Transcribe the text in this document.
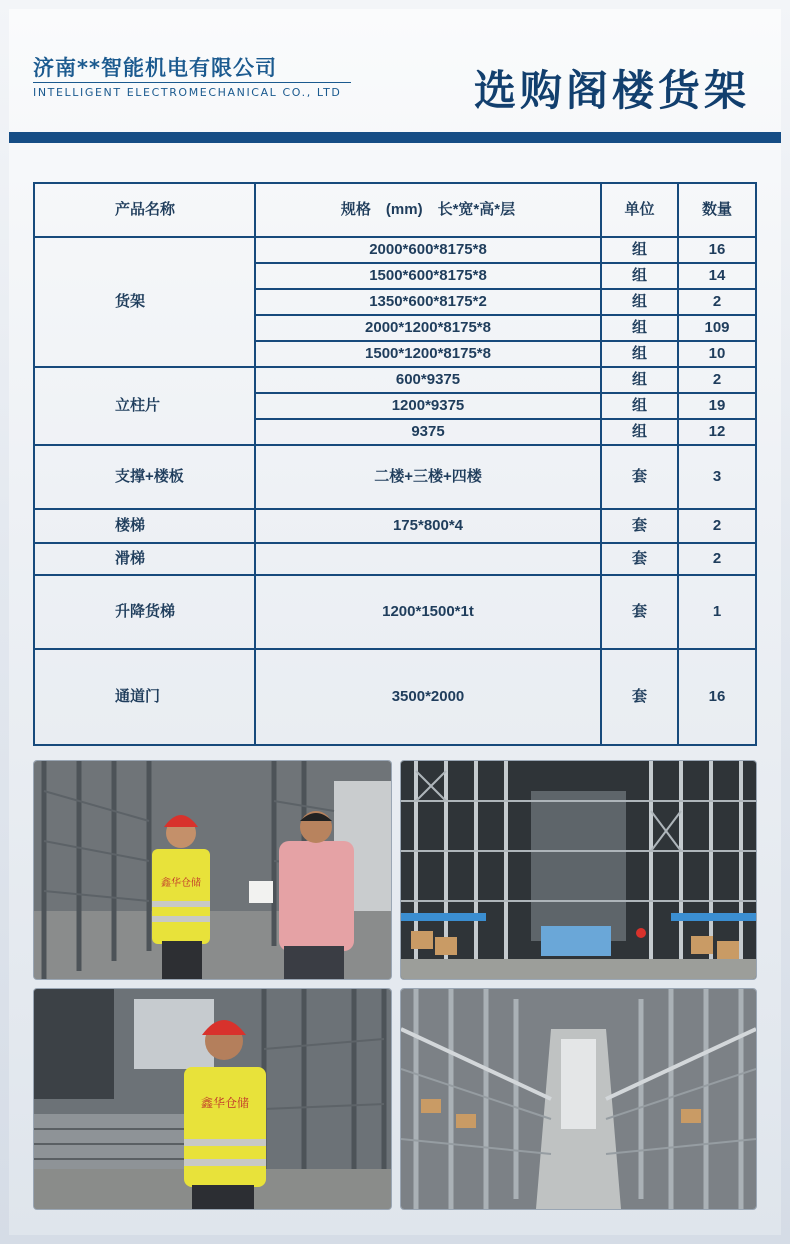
济南**智能机电有限公司
INTELLIGENT ELECTROMECHANICAL CO., LTD	选购阁楼货架
产品名称	规格　(mm)　长*宽*高*层	单位	数量
货架	2000*600*8175*8	组	16
	1500*600*8175*8	组	14
	1350*600*8175*2	组	2
	2000*1200*8175*8	组	109
	1500*1200*8175*8	组	10
立柱片	600*9375	组	2
	1200*9375	组	19
	9375	组	12
支撑+楼板	二楼+三楼+四楼	套	3
楼梯	175*800*4	套	2
滑梯		套	2
升降货梯	1200*1500*1t	套	1
通道门	3500*2000	套	16
鑫华仓储
鑫华仓储
